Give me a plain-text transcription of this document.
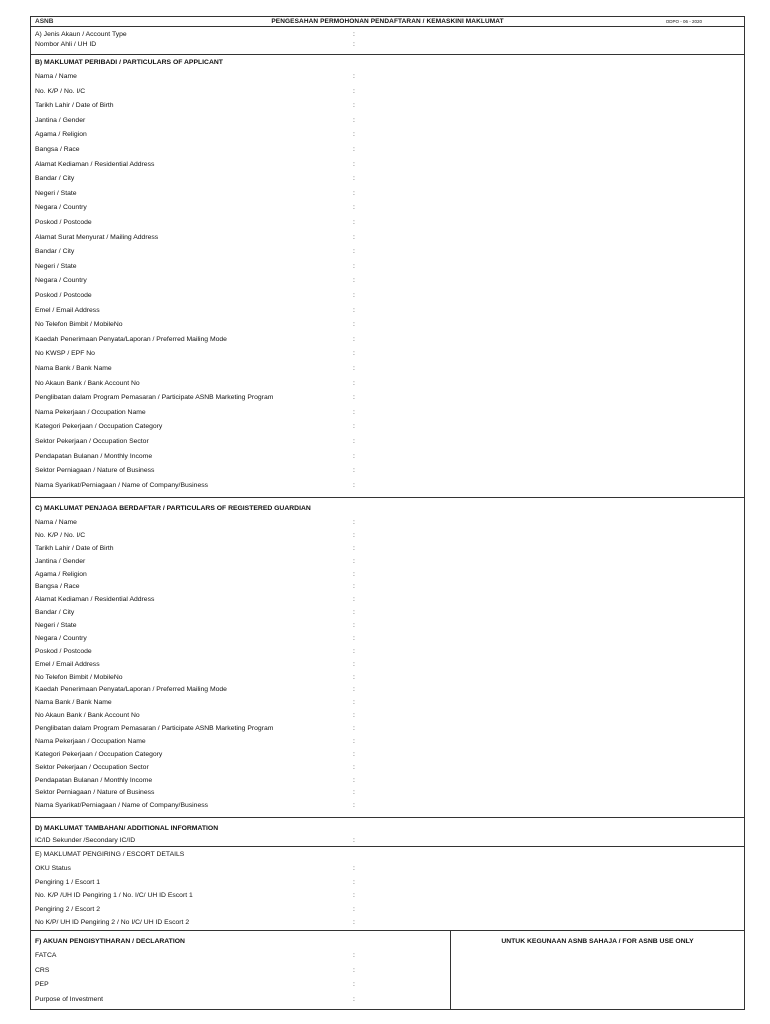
ASNB	PENGESAHAN PERMOHONAN PENDAFTARAN / KEMASKINI MAKLUMAT	ODPO - 06 - 2020
A) Jenis Akaun / Account Type	:
Nombor Ahli / UH ID	:
B) MAKLUMAT PERIBADI / PARTICULARS OF APPLICANT
Nama / Name	:
No. K/P / No. I/C	:
Tarikh Lahir / Date of Birth	:
Jantina / Gender	:
Agama / Religion	:
Bangsa / Race	:
Alamat Kediaman / Residential Address	:
Bandar / City	:
Negeri / State	:
Negara / Country	:
Poskod / Postcode	:
Alamat Surat Menyurat / Mailing Address	:
Bandar / City	:
Negeri / State	:
Negara / Country	:
Poskod / Postcode	:
Emel / Email Address	:
No Telefon Bimbit / MobileNo	:
Kaedah Penerimaan Penyata/Laporan / Preferred Mailing Mode	:
No KWSP / EPF No	:
Nama Bank / Bank Name	:
No Akaun Bank / Bank Account No	:
Penglibatan dalam Program Pemasaran / Participate ASNB Marketing Program	:
Nama Pekerjaan / Occupation Name	:
Kategori Pekerjaan / Occupation Category	:
Sektor Pekerjaan / Occupation Sector	:
Pendapatan Bulanan / Monthly Income	:
Sektor Perniagaan / Nature of Business	:
Nama Syarikat/Perniagaan / Name of Company/Business	:
C) MAKLUMAT PENJAGA BERDAFTAR / PARTICULARS OF REGISTERED GUARDIAN
Nama / Name	:
No. K/P / No. I/C	:
Tarikh Lahir / Date of Birth	:
Jantina / Gender	:
Agama / Religion	:
Bangsa / Race	:
Alamat Kediaman / Residential Address	:
Bandar / City	:
Negeri / State	:
Negara / Country	:
Poskod / Postcode	:
Emel / Email Address	:
No Telefon Bimbit / MobileNo	:
Kaedah Penerimaan Penyata/Laporan / Preferred Mailing Mode	:
Nama Bank / Bank Name	:
No Akaun Bank / Bank Account No	:
Penglibatan dalam Program Pemasaran / Participate ASNB Marketing Program	:
Nama Pekerjaan / Occupation Name	:
Kategori Pekerjaan / Occupation Category	:
Sektor Pekerjaan / Occupation Sector	:
Pendapatan Bulanan / Monthly Income	:
Sektor Perniagaan / Nature of Business	:
Nama Syarikat/Perniagaan / Name of Company/Business	:
D) MAKLUMAT TAMBAHAN/ ADDITIONAL INFORMATION
IC/ID Sekunder /Secondary IC/ID	:
E) MAKLUMAT PENGIRING / ESCORT DETAILS
OKU Status	:
Pengiring 1 / Escort 1	:
No. K/P /UH ID Pengiring 1 / No. I/C/ UH ID Escort 1	:
Pengiring 2 / Escort 2	:
No K/P/ UH ID Pengiring 2 / No I/C/ UH ID Escort 2	:
F) AKUAN PENGISYTIHARAN / DECLARATION	UNTUK KEGUNAAN ASNB SAHAJA / FOR ASNB USE ONLY
FATCA	:
CRS	:
PEP	:
Purpose of Investment	:
